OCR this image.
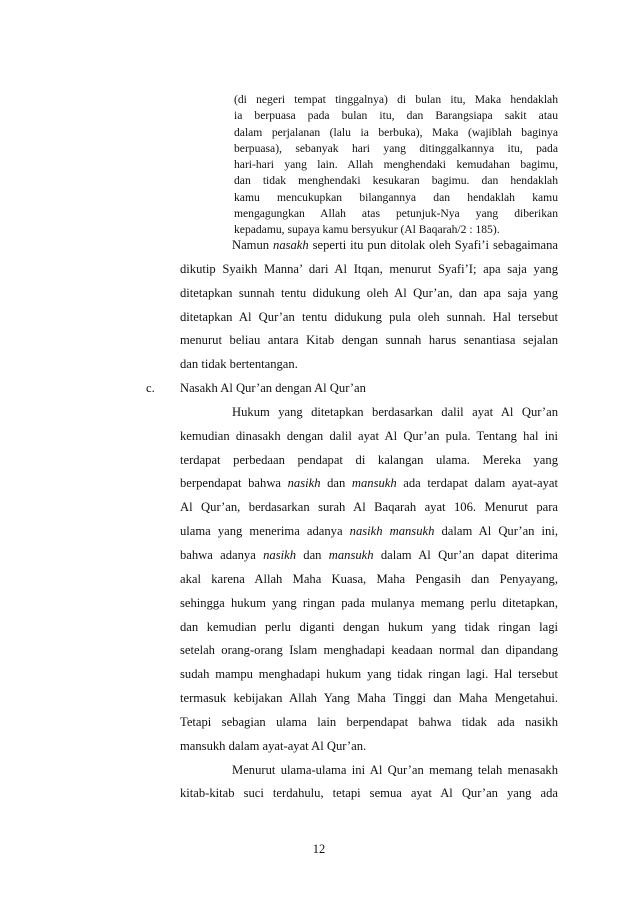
(di negeri tempat tinggalnya) di bulan itu, Maka hendaklah
ia berpuasa pada bulan itu, dan Barangsiapa sakit atau
dalam perjalanan (lalu ia berbuka), Maka (wajiblah baginya
berpuasa), sebanyak hari yang ditinggalkannya itu, pada
hari-hari yang lain. Allah menghendaki kemudahan bagimu,
dan tidak menghendaki kesukaran bagimu. dan hendaklah
kamu mencukupkan bilangannya dan hendaklah kamu
mengagungkan Allah atas petunjuk-Nya yang diberikan
kepadamu, supaya kamu bersyukur (Al Baqarah/2 : 185).
Namun nasakh seperti itu pun ditolak oleh Syafi’i sebagaimana
dikutip Syaikh Manna’ dari Al Itqan, menurut Syafi’I; apa saja yang
ditetapkan sunnah tentu didukung oleh Al Qur’an, dan apa saja yang
ditetapkan Al Qur’an tentu didukung pula oleh sunnah. Hal tersebut
menurut beliau antara Kitab dengan sunnah harus senantiasa sejalan
dan tidak bertentangan.
c. Nasakh Al Qur’an dengan Al Qur’an
Hukum yang ditetapkan berdasarkan dalil ayat Al Qur’an
kemudian dinasakh dengan dalil ayat Al Qur’an pula. Tentang hal ini
terdapat perbedaan pendapat di kalangan ulama. Mereka yang
berpendapat bahwa nasikh dan mansukh ada terdapat dalam ayat-ayat
Al Qur’an, berdasarkan surah Al Baqarah ayat 106. Menurut para
ulama yang menerima adanya nasikh mansukh dalam Al Qur’an ini,
bahwa adanya nasikh dan mansukh dalam Al Qur’an dapat diterima
akal karena Allah Maha Kuasa, Maha Pengasih dan Penyayang,
sehingga hukum yang ringan pada mulanya memang perlu ditetapkan,
dan kemudian perlu diganti dengan hukum yang tidak ringan lagi
setelah orang-orang Islam menghadapi keadaan normal dan dipandang
sudah mampu menghadapi hukum yang tidak ringan lagi. Hal tersebut
termasuk kebijakan Allah Yang Maha Tinggi dan Maha Mengetahui.
Tetapi sebagian ulama lain berpendapat bahwa tidak ada nasikh
mansukh dalam ayat-ayat Al Qur’an.
Menurut ulama-ulama ini Al Qur’an memang telah menasakh
kitab-kitab suci terdahulu, tetapi semua ayat Al Qur’an yang ada
12
